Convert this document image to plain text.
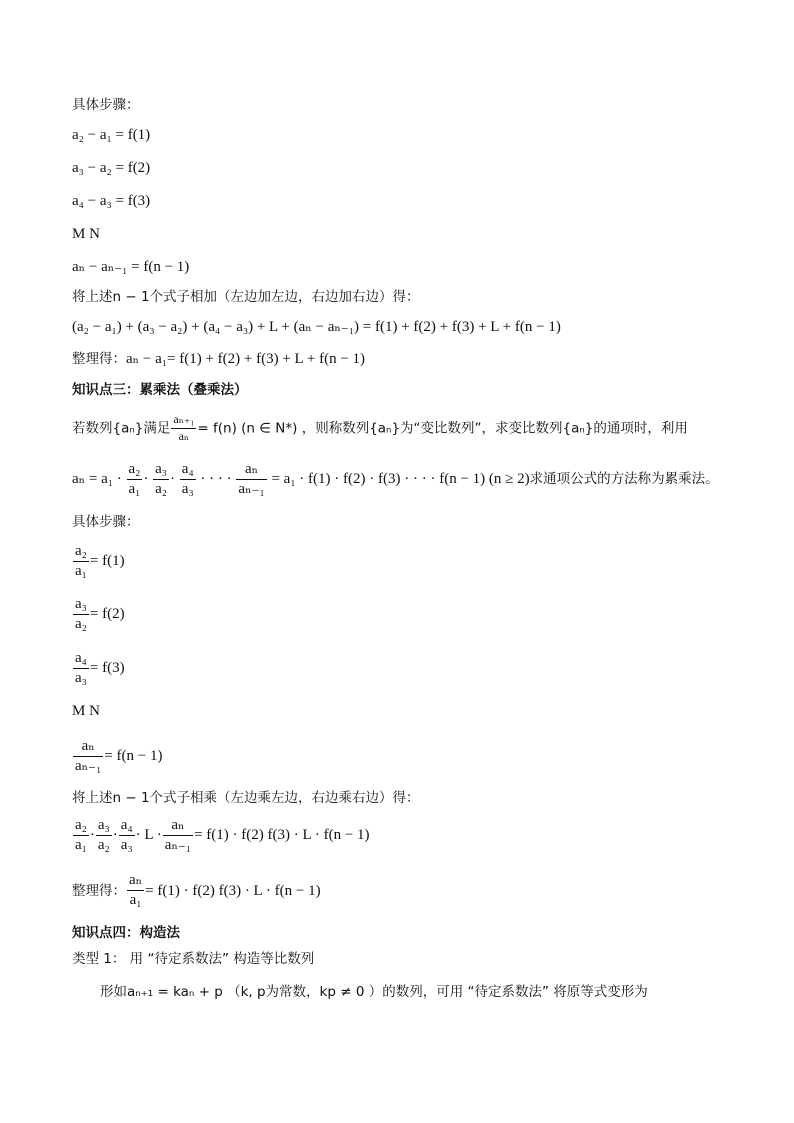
具体步骤：
a₂ − a₁ = f(1)
a₃ − a₂ = f(2)
a₄ − a₃ = f(3)
M N
aₙ − aₙ₋₁ = f(n − 1)
将上述n − 1个式子相加（左边加左边，右边加右边）得：
(a₂ − a₁) + (a₃ − a₂) + (a₄ − a₃) + L + (aₙ − aₙ₋₁) = f(1) + f(2) + f(3) + L + f(n − 1)
整理得：aₙ − a₁= f(1) + f(2) + f(3) + L + f(n − 1)
知识点三：累乘法（叠乘法）
若数列{aₙ}满足 $\frac{\text{aₙ₊₁}}{\text{aₙ}} = f(n)$ (n ∈ N*) ，则称数列{aₙ}为“变比数列”，求变比数列{aₙ}的通项时，利用
$a_n = a_1 \cdot \frac{\text{a₂}}{\text{a₁}} \cdot \frac{\text{a₃}}{\text{a₂}} \cdot \frac{\text{a₄}}{\text{a₃}}$ · · · · $\frac{\text{aₙ}}{\text{aₙ₋₁}} = a_1 \cdot f(1) \cdot f(2) \cdot f(3)$ · · · · f(n − 1) (n ≥ 2)求通项公式的方法称为累乘法。
具体步骤：
$\frac{\text{a₂}}{\text{a₁}} = f(1)$
$\frac{\text{a₃}}{\text{a₂}} = f(2)$
$\frac{\text{a₄}}{\text{a₃}} = f(3)$
M N
$\frac{\text{aₙ}}{\text{aₙ₋₁}} = f(n - 1)$
将上述n − 1个式子相乘（左边乘左边，右边乘右边）得：
$\frac{\text{a₂}}{\text{a₁}} \cdot \frac{\text{a₃}}{\text{a₂}} \cdot \frac{\text{a₄}}{\text{a₃}} \cdot L \cdot \frac{\text{aₙ}}{\text{aₙ₋₁}} = f(1) \cdot f(2) f(3) \cdot L \cdot f(n - 1)$
整理得： $\frac{\text{aₙ}}{\text{a₁}} = f(1) \cdot f(2) f(3) \cdot L \cdot f(n - 1)$
知识点四：构造法
类型 1： 用 “待定系数法” 构造等比数列
形如aₙ₊₁ = kaₙ + p （k, p为常数，kp ≠ 0 ）的数列，可用 “待定系数法” 将原等式变形为
